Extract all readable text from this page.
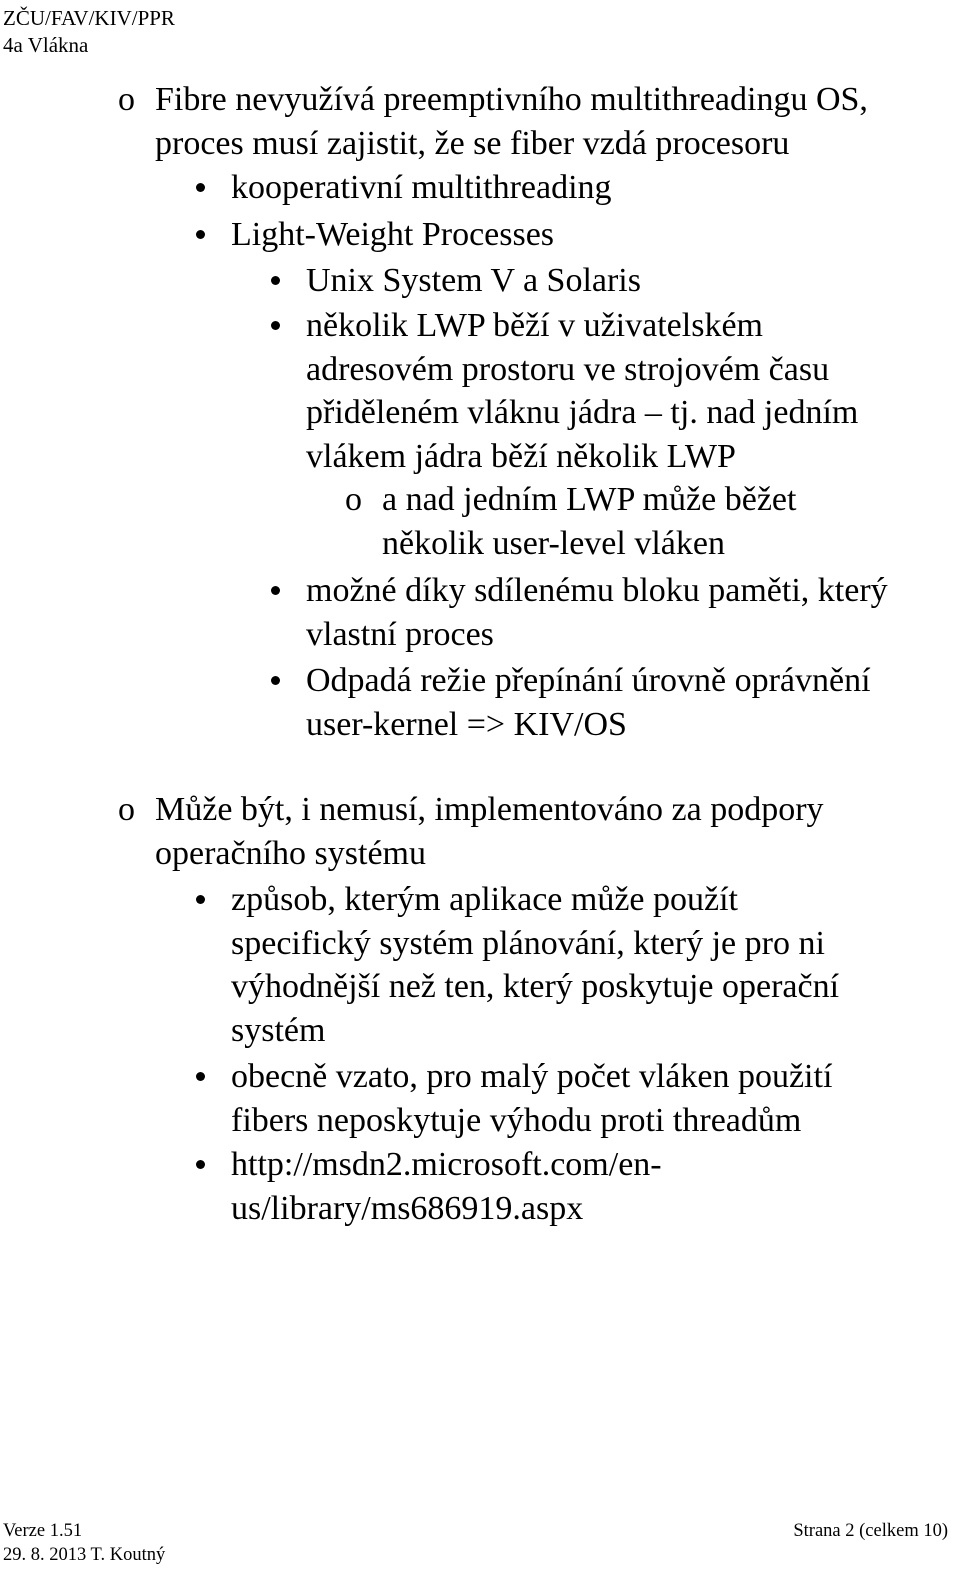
ZČU/FAV/KIV/PPR
4a Vlákna
o Fibre nevyužívá preemptivního multithreadingu OS,
proces musí zajistit, že se fiber vzdá procesoru
kooperativní multithreading
Light-Weight Processes
Unix System V a Solaris
několik LWP běží v uživatelském
adresovém prostoru ve strojovém času
přiděleném vláknu jádra – tj. nad jedním
vlákem jádra běží několik LWP
o a nad jedním LWP může běžet
několik user-level vláken
možné díky sdílenému bloku paměti, který
vlastní proces
Odpadá režie přepínání úrovně oprávnění
user-kernel => KIV/OS
o Může být, i nemusí, implementováno za podpory
operačního systému
způsob, kterým aplikace může použít
specifický systém plánování, který je pro ni
výhodnější než ten, který poskytuje operační
systém
obecně vzato, pro malý počet vláken použití
fibers neposkytuje výhodu proti threadům
http://msdn2.microsoft.com/en-
us/library/ms686919.aspx
Verze 1.51
29. 8. 2013 T. Koutný
Strana 2 (celkem 10)
